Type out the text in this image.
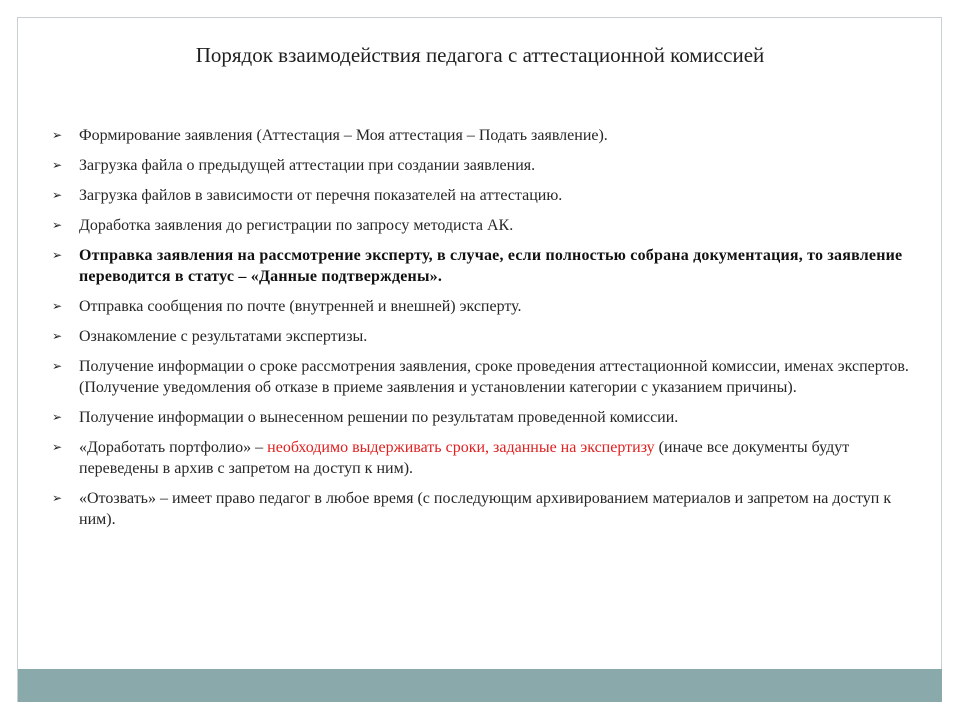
Порядок взаимодействия педагога с аттестационной комиссией
➢ Формирование заявления (Аттестация – Моя аттестация – Подать заявление).
➢ Загрузка файла о предыдущей аттестации при создании заявления.
➢ Загрузка файлов в зависимости от перечня показателей на аттестацию.
➢ Доработка заявления до регистрации по запросу методиста АК.
➢ Отправка заявления на рассмотрение эксперту, в случае, если полностью собрана документация, то заявление переводится в статус – «Данные подтверждены».
➢ Отправка сообщения по почте (внутренней и внешней) эксперту.
➢ Ознакомление с результатами экспертизы.
➢ Получение информации о сроке рассмотрения заявления, сроке проведения аттестационной комиссии, именах экспертов. (Получение уведомления об отказе в приеме заявления и установлении категории с указанием причины).
➢ Получение информации о вынесенном решении по результатам проведенной комиссии.
➢ «Доработать портфолио» – необходимо выдерживать сроки, заданные на экспертизу (иначе все документы будут переведены в архив с запретом на доступ к ним).
➢ «Отозвать» – имеет право педагог в любое время (с последующим архивированием материалов и запретом на доступ к ним).
